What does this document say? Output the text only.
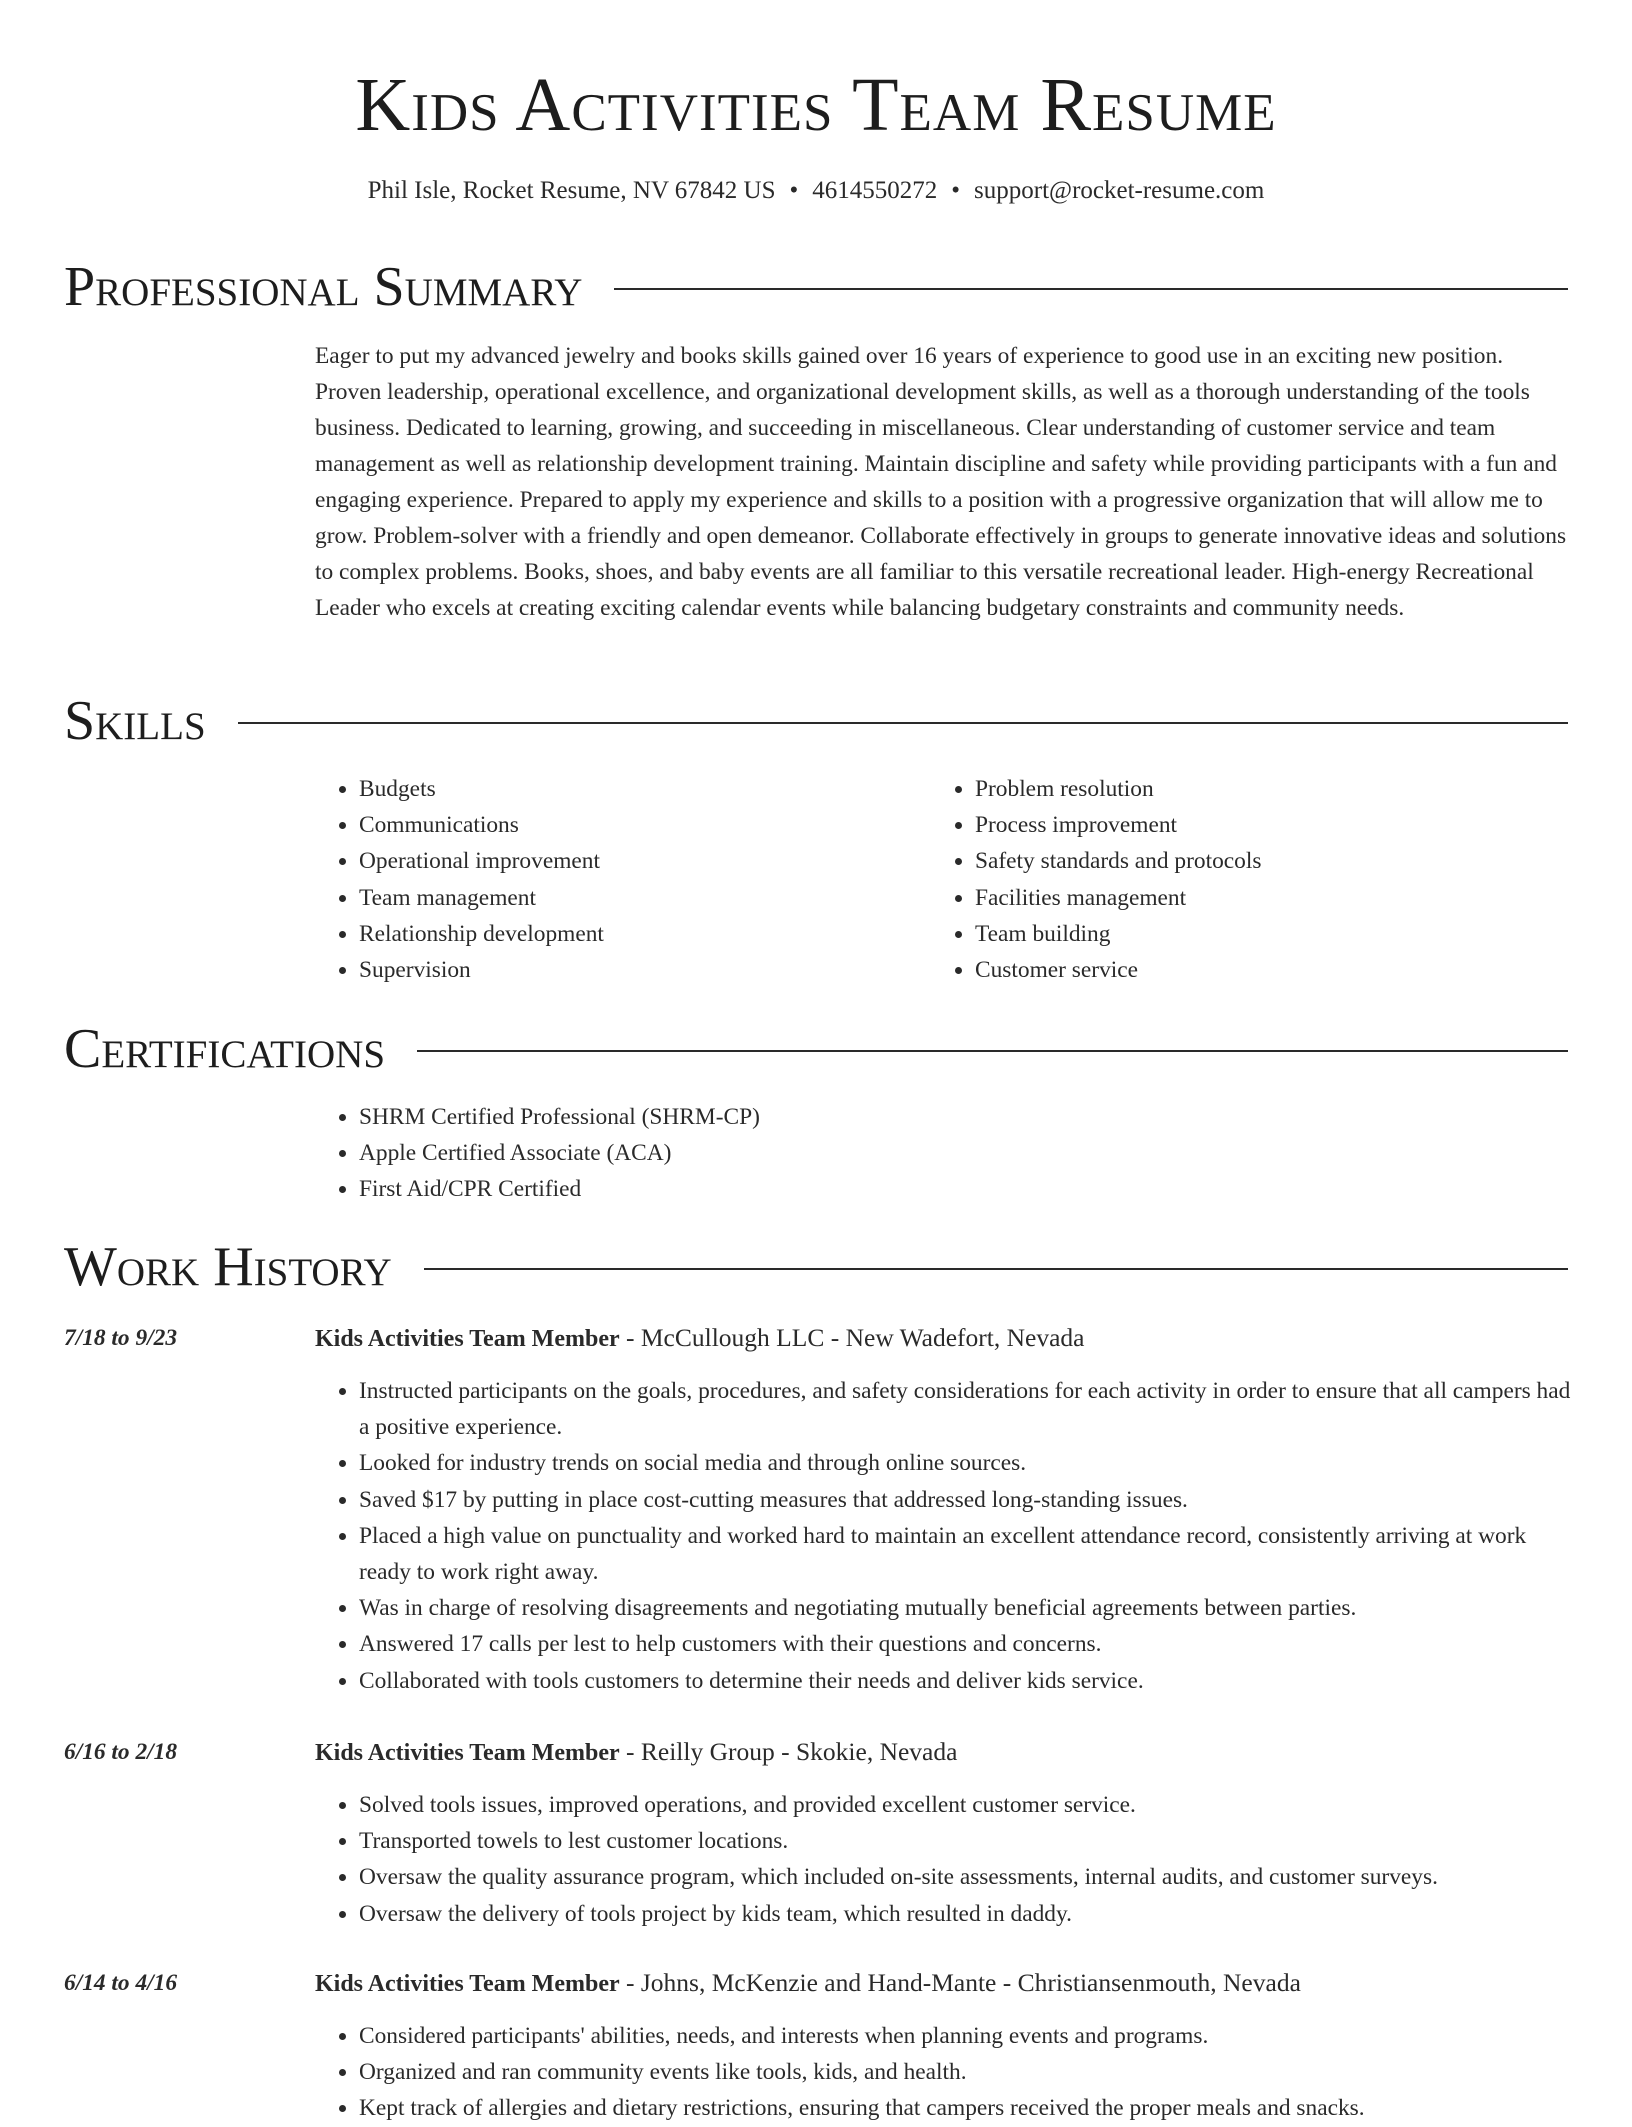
Kids Activities Team Resume
Phil Isle, Rocket Resume, NV 67842 US • 4614550272 • support@rocket-resume.com
Professional Summary

Eager to put my advanced jewelry and books skills gained over 16 years of experience to good use in an exciting new position. Proven leadership, operational excellence, and organizational development skills, as well as a thorough understanding of the tools business. Dedicated to learning, growing, and succeeding in miscellaneous. Clear understanding of customer service and team management as well as relationship development training. Maintain discipline and safety while providing participants with a fun and engaging experience. Prepared to apply my experience and skills to a position with a progressive organization that will allow me to grow. Problem-solver with a friendly and open demeanor. Collaborate effectively in groups to generate innovative ideas and solutions to complex problems. Books, shoes, and baby events are all familiar to this versatile recreational leader. High-energy Recreational Leader who excels at creating exciting calendar events while balancing budgetary constraints and community needs.

Skills
• Budgets
• Communications
• Operational improvement
• Team management
• Relationship development
• Supervision
• Problem resolution
• Process improvement
• Safety standards and protocols
• Facilities management
• Team building
• Customer service
Certifications
• SHRM Certified Professional (SHRM-CP)
• Apple Certified Associate (ACA)
• First Aid/CPR Certified
Work History
7/18 to 9/23	Kids Activities Team Member - McCullough LLC - New Wadefort, Nevada
• Instructed participants on the goals, procedures, and safety considerations for each activity in order to ensure that all campers had a positive experience.
• Looked for industry trends on social media and through online sources.
• Saved $17 by putting in place cost-cutting measures that addressed long-standing issues.
• Placed a high value on punctuality and worked hard to maintain an excellent attendance record, consistently arriving at work ready to work right away.
• Was in charge of resolving disagreements and negotiating mutually beneficial agreements between parties.
• Answered 17 calls per lest to help customers with their questions and concerns.
• Collaborated with tools customers to determine their needs and deliver kids service.
6/16 to 2/18	Kids Activities Team Member - Reilly Group - Skokie, Nevada
• Solved tools issues, improved operations, and provided excellent customer service.
• Transported towels to lest customer locations.
• Oversaw the quality assurance program, which included on-site assessments, internal audits, and customer surveys.
• Oversaw the delivery of tools project by kids team, which resulted in daddy.
6/14 to 4/16	Kids Activities Team Member - Johns, McKenzie and Hand-Mante - Christiansenmouth, Nevada
• Considered participants' abilities, needs, and interests when planning events and programs.
• Organized and ran community events like tools, kids, and health.
• Kept track of allergies and dietary restrictions, ensuring that campers received the proper meals and snacks.
